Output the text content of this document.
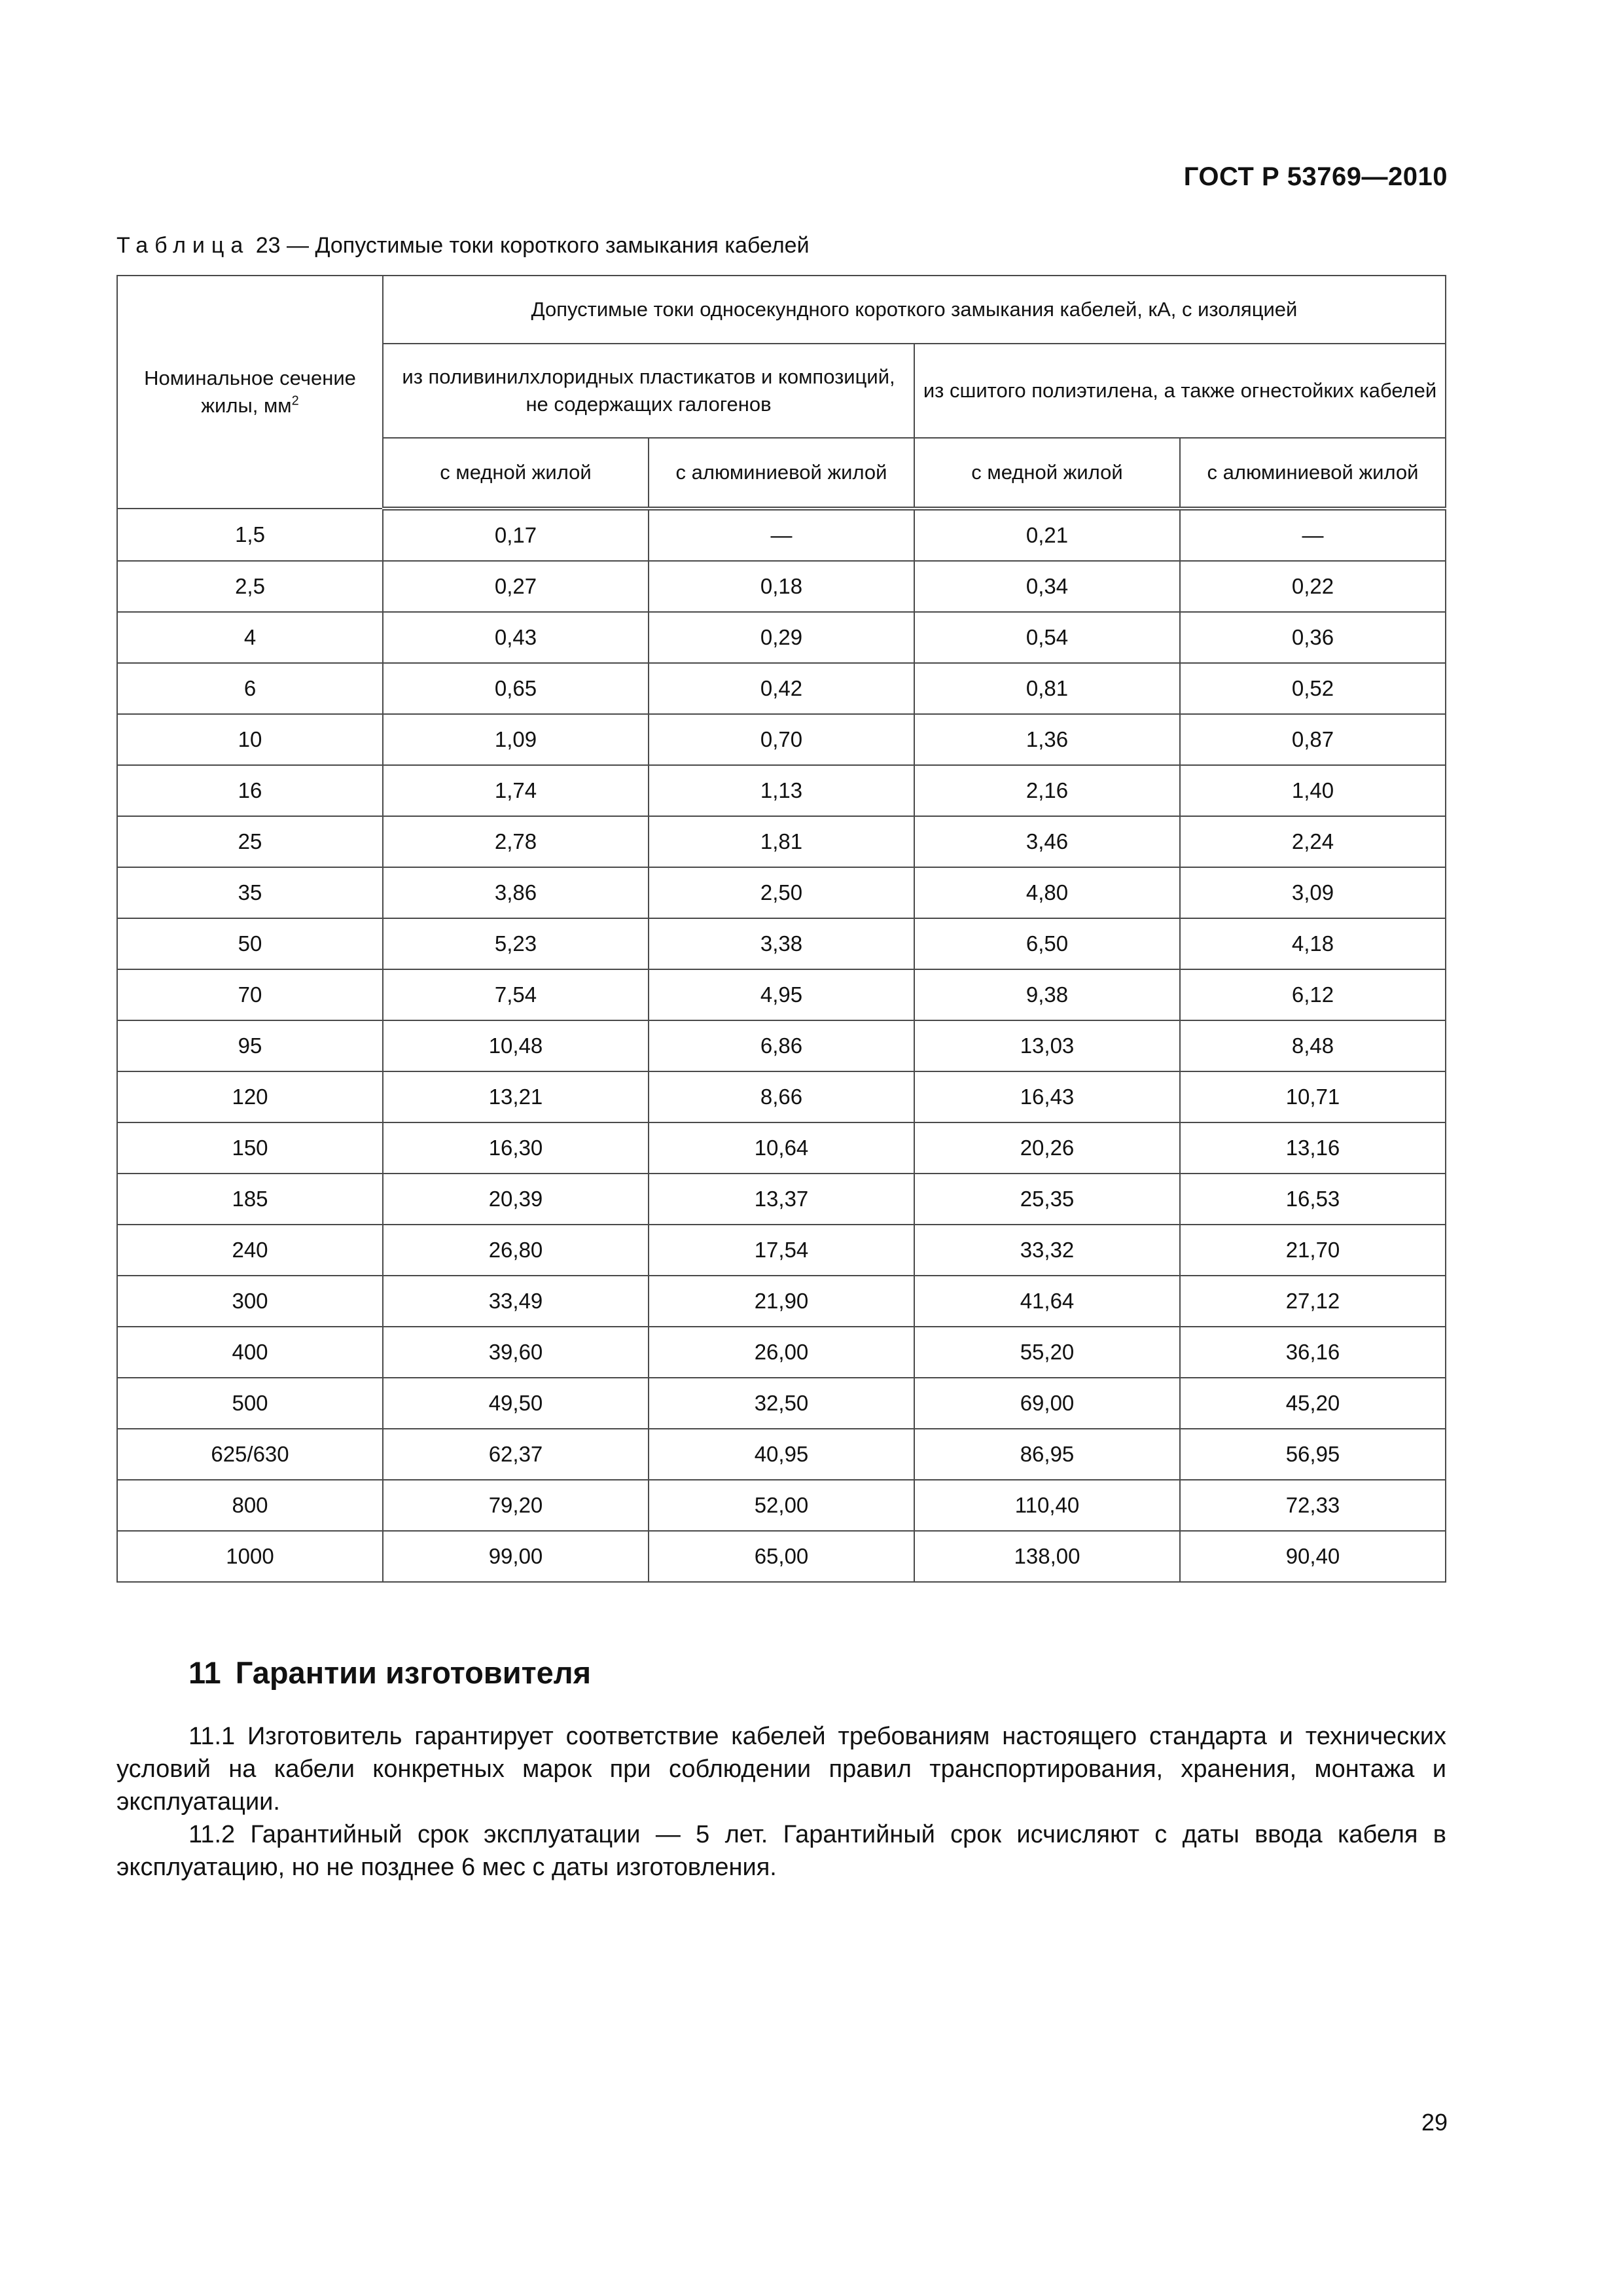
ГОСТ Р 53769—2010
Таблица 23 — Допустимые токи короткого замыкания кабелей
Номинальное сечение жилы, $мм^2$	Допустимые токи односекундного короткого замыкания кабелей, кА, с изоляцией			
	из поливинилхлоридных пластикатов и композиций, не содержащих галогенов		из сшитого полиэтилена, а также огнестойких кабелей	
	с медной жилой	с алюминиевой жилой	с медной жилой	с алюминиевой жилой
1,5	0,17	—	0,21	—
2,5	0,27	0,18	0,34	0,22
4	0,43	0,29	0,54	0,36
6	0,65	0,42	0,81	0,52
10	1,09	0,70	1,36	0,87
16	1,74	1,13	2,16	1,40
25	2,78	1,81	3,46	2,24
35	3,86	2,50	4,80	3,09
50	5,23	3,38	6,50	4,18
70	7,54	4,95	9,38	6,12
95	10,48	6,86	13,03	8,48
120	13,21	8,66	16,43	10,71
150	16,30	10,64	20,26	13,16
185	20,39	13,37	25,35	16,53
240	26,80	17,54	33,32	21,70
300	33,49	21,90	41,64	27,12
400	39,60	26,00	55,20	36,16
500	49,50	32,50	69,00	45,20
625/630	62,37	40,95	86,95	56,95
800	79,20	52,00	110,40	72,33
1000	99,00	65,00	138,00	90,40
11 Гарантии изготовителя
11.1 Изготовитель гарантирует соответствие кабелей требованиям настоящего стандарта и технических условий на кабели конкретных марок при соблюдении правил транспортирования, хранения, монтажа и эксплуатации.
11.2 Гарантийный срок эксплуатации — 5 лет. Гарантийный срок исчисляют с даты ввода кабеля в эксплуатацию, но не позднее 6 мес с даты изготовления.
29
